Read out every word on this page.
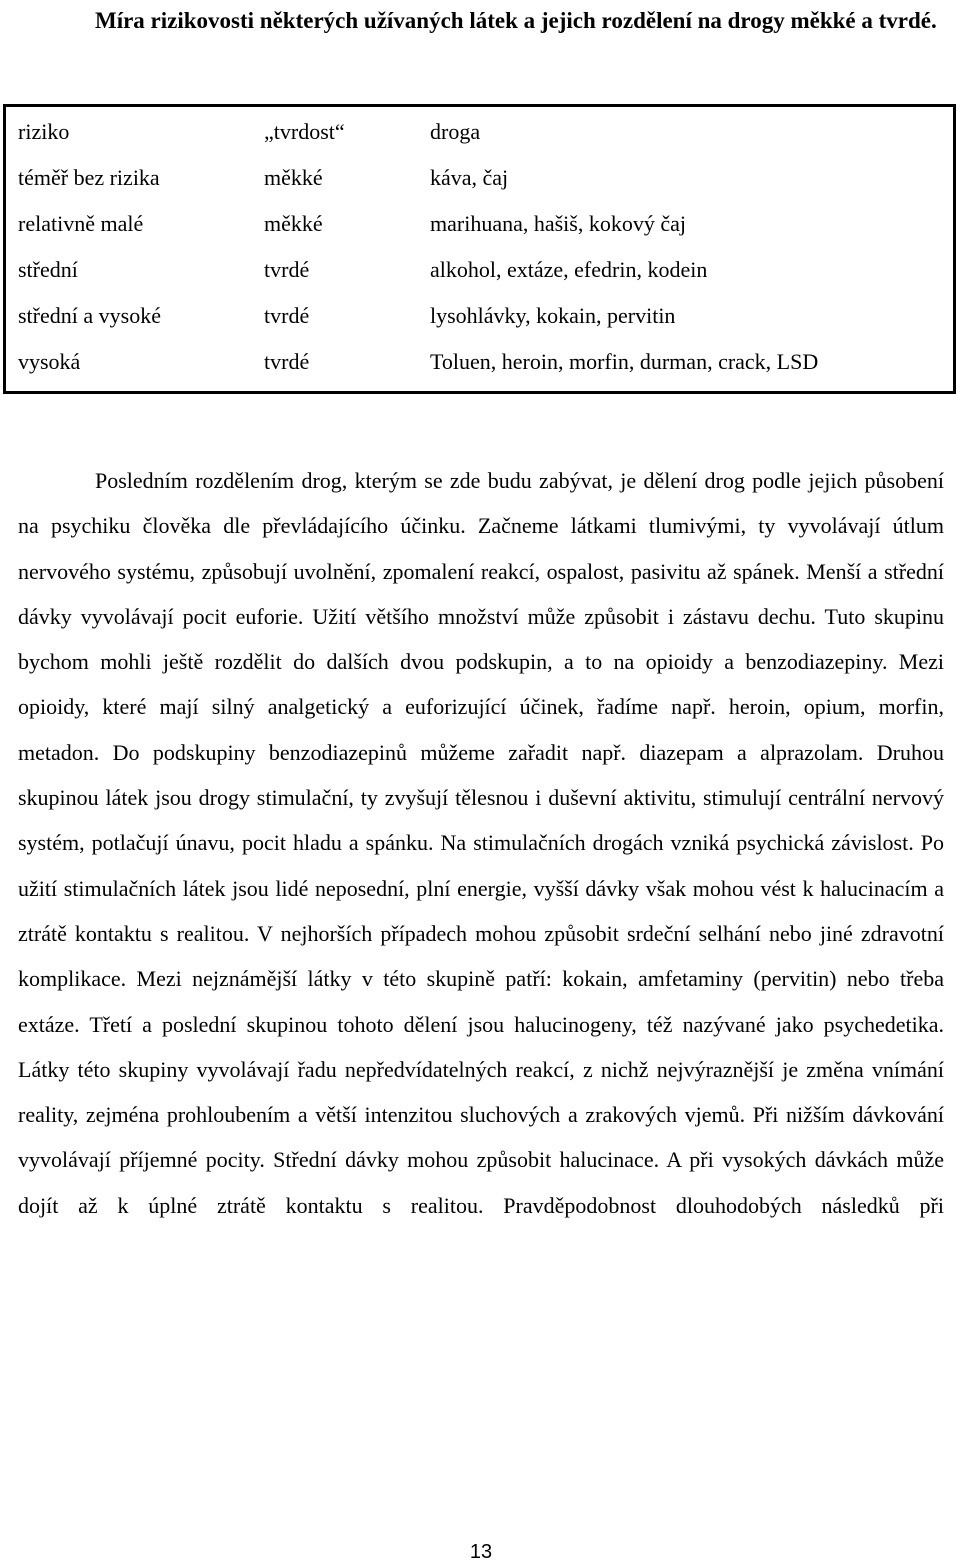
Míra rizikovosti některých užívaných látek a jejich rozdělení na drogy měkké a tvrdé.
riziko	„tvrdost“	droga
téměř bez rizika	měkké	káva, čaj
relativně malé	měkké	marihuana, hašiš, kokový čaj
střední	tvrdé	alkohol, extáze, efedrin, kodein
střední a vysoké	tvrdé	lysohlávky, kokain, pervitin
vysoká	tvrdé	Toluen, heroin, morfin, durman, crack, LSD

Posledním rozdělením drog, kterým se zde budu zabývat, je dělení drog podle jejich působení na psychiku člověka dle převládajícího účinku. Začneme látkami tlumivými, ty vyvolávají útlum nervového systému, způsobují uvolnění, zpomalení reakcí, ospalost, pasivitu až spánek. Menší a střední dávky vyvolávají pocit euforie. Užití většího množství může způsobit i zástavu dechu. Tuto skupinu bychom mohli ještě rozdělit do dalších dvou podskupin, a to na opioidy a benzodiazepiny. Mezi opioidy, které mají silný analgetický a euforizující účinek, řadíme např. heroin, opium, morfin, metadon. Do podskupiny benzodiazepinů můžeme zařadit např. diazepam a alprazolam. Druhou skupinou látek jsou drogy stimulační, ty zvyšují tělesnou i duševní aktivitu, stimulují centrální nervový systém, potlačují únavu, pocit hladu a spánku. Na stimulačních drogách vzniká psychická závislost. Po užití stimulačních látek jsou lidé neposední, plní energie, vyšší dávky však mohou vést k halucinacím a ztrátě kontaktu s realitou. V nejhorších případech mohou způsobit srdeční selhání nebo jiné zdravotní komplikace. Mezi nejznámější látky v této skupině patří: kokain, amfetaminy (pervitin) nebo třeba extáze. Třetí a poslední skupinou tohoto dělení jsou halucinogeny, též nazývané jako psychedetika. Látky této skupiny vyvolávají řadu nepředvídatelných reakcí, z nichž nejvýraznější je změna vnímání reality, zejména prohloubením a větší intenzitou sluchových a zrakových vjemů. Při nižším dávkování vyvolávají příjemné pocity. Střední dávky mohou způsobit halucinace. A při vysokých dávkách může dojít až k úplné ztrátě kontaktu s realitou. Pravděpodobnost dlouhodobých následků při

13
